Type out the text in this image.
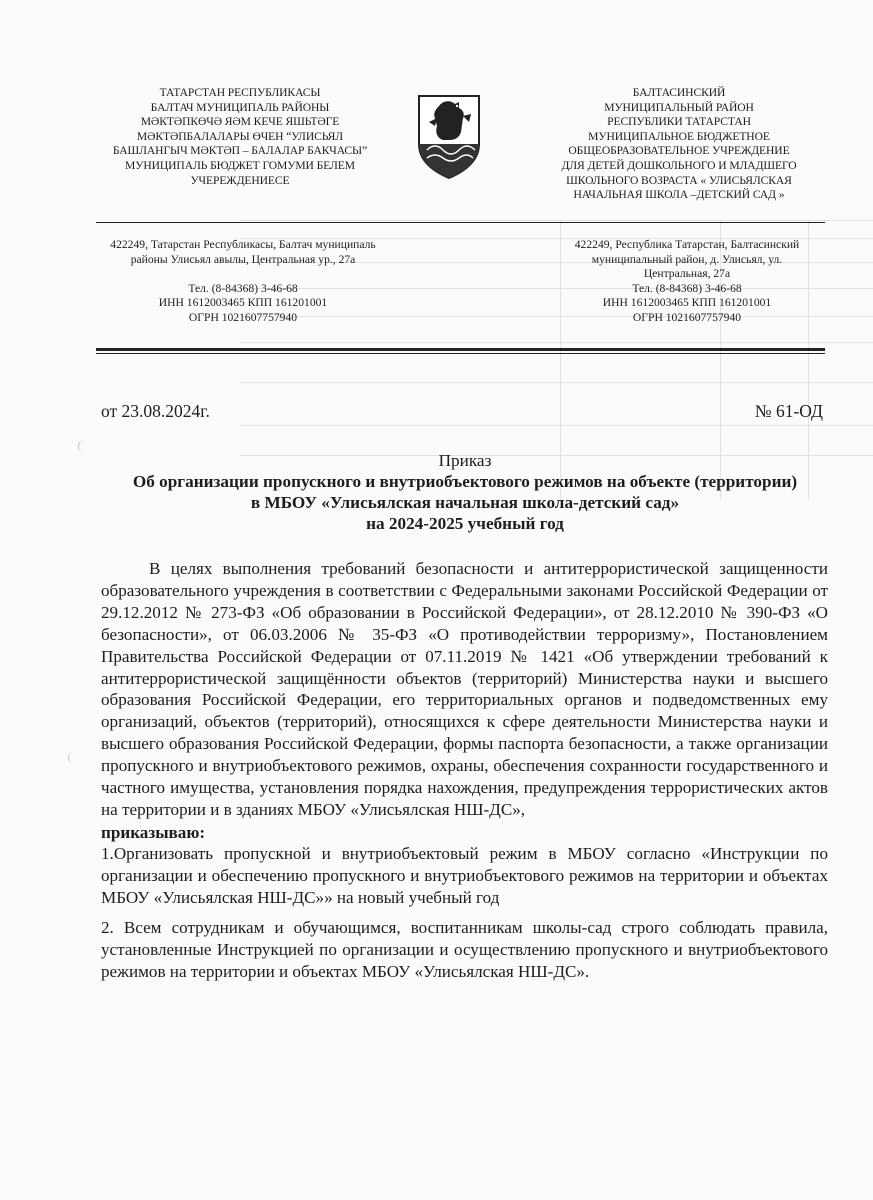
ТАТАРСТАН РЕСПУБЛИКАСЫ
БАЛТАЧ МУНИЦИПАЛЬ РАЙОНЫ
МӘКТӘПКӨЧӘ ЯӘМ КЕЧЕ ЯШЬТӘГЕ
МӘКТӘПБАЛАЛАРЫ ӨЧЕН “УЛИСЬЯЛ
БАШЛАНГЫЧ МӘКТӘП – БАЛАЛАР БАКЧАСЫ”
МУНИЦИПАЛЬ БЮДЖЕТ ГОМУМИ БЕЛЕМ
УЧЕРЕЖДЕНИЕСЕ
БАЛТАСИНСКИЙ
МУНИЦИПАЛЬНЫЙ РАЙОН
РЕСПУБЛИКИ ТАТАРСТАН
МУНИЦИПАЛЬНОЕ БЮДЖЕТНОЕ
ОБЩЕОБРАЗОВАТЕЛЬНОЕ УЧРЕЖДЕНИЕ
ДЛЯ ДЕТЕЙ ДОШКОЛЬНОГО И МЛАДШЕГО
ШКОЛЬНОГО ВОЗРАСТА « УЛИСЬЯЛСКАЯ
НАЧАЛЬНАЯ ШКОЛА –ДЕТСКИЙ САД »
422249, Татарстан Республикасы, Балтач муниципаль
районы Улисьял авылы, Центральная ур., 27а

Тел. (8-84368) 3-46-68
ИНН 1612003465 КПП 161201001
ОГРН 1021607757940
422249, Республика Татарстан, Балтасинский
муниципальный район, д. Улисьял, ул.
Центральная, 27а
Тел. (8-84368) 3-46-68
ИНН 1612003465 КПП 161201001
ОГРН 1021607757940
от 23.08.2024г.	№ 61-ОД
Приказ
Об организации пропускного и внутриобъектового режимов на объекте (территории)
в МБОУ «Улисьялская начальная школа-детский сад»
на 2024-2025 учебный год
В целях выполнения требований безопасности и антитеррористической защищенности образовательного учреждения в соответствии с Федеральными законами Российской Федерации от 29.12.2012 № 273-ФЗ «Об образовании в Российской Федерации», от 28.12.2010 № 390-ФЗ «О безопасности», от 06.03.2006 № 35-ФЗ «О противодействии терроризму», Постановлением Правительства Российской Федерации от 07.11.2019 № 1421 «Об утверждении требований к антитеррористической защищённости объектов (территорий) Министерства науки и высшего образования Российской Федерации, его территориальных органов и подведомственных ему организаций, объектов (территорий), относящихся к сфере деятельности Министерства науки и высшего образования Российской Федерации, формы паспорта безопасности, а также организации пропускного и внутриобъектового режимов, охраны, обеспечения сохранности государственного и частного имущества, установления порядка нахождения, предупреждения террористических актов на территории и в зданиях МБОУ «Улисьялская НШ-ДС»,
приказываю:
1.Организовать пропускной и внутриобъектовый режим в МБОУ согласно «Инструкции по организации и обеспечению пропускного и внутриобъектового режимов на территории и объектах МБОУ «Улисьялская НШ-ДС»» на новый учебный год
2. Всем сотрудникам и обучающимся, воспитанникам школы-сад строго соблюдать правила, установленные Инструкцией по организации и осуществлению пропускного и внутриобъектового режимов на территории и объектах МБОУ «Улисьялская НШ-ДС».
